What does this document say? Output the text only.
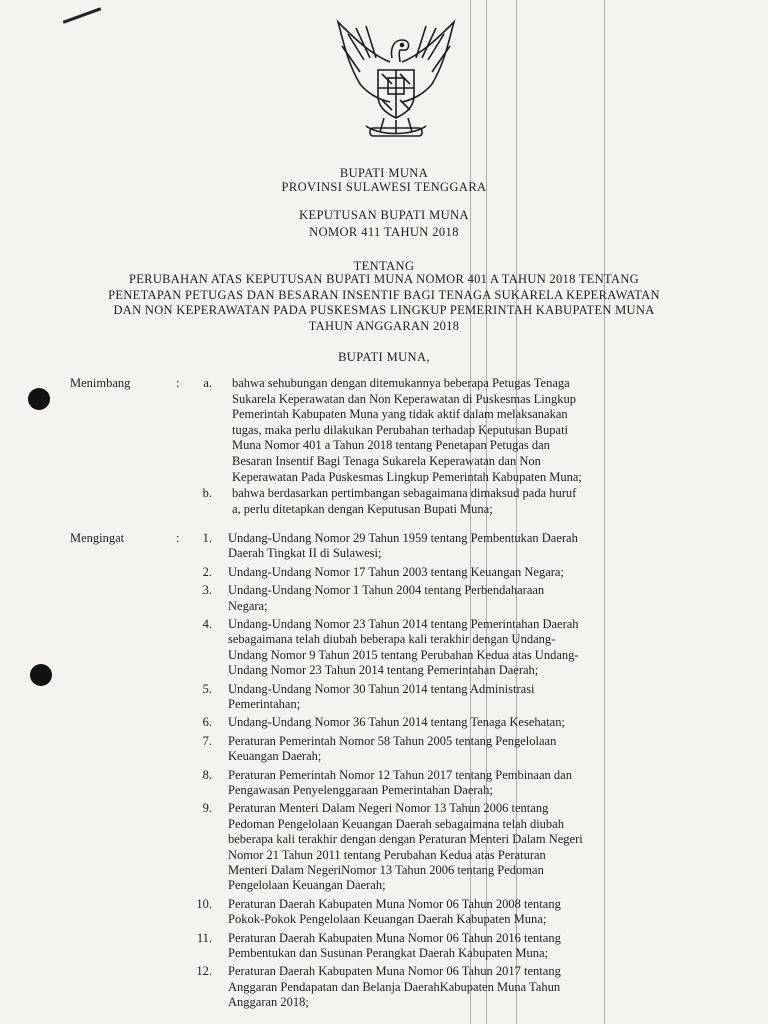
BUPATI MUNA
PROVINSI SULAWESI TENGGARA
KEPUTUSAN BUPATI MUNA
NOMOR 411 TAHUN 2018
TENTANG
PERUBAHAN ATAS KEPUTUSAN BUPATI MUNA NOMOR 401 A TAHUN 2018 TENTANG
PENETAPAN PETUGAS DAN BESARAN INSENTIF BAGI TENAGA SUKARELA KEPERAWATAN
DAN NON KEPERAWATAN PADA PUSKESMAS LINGKUP PEMERINTAH KABUPATEN MUNA
TAHUN ANGGARAN 2018
BUPATI MUNA,
Menimbang	:	a. bahwa sehubungan dengan ditemukannya beberapa Petugas Tenaga
Sukarela Keperawatan dan Non Keperawatan di Puskesmas Lingkup
Pemerintah Kabupaten Muna yang tidak aktif dalam melaksanakan
tugas, maka perlu dilakukan Perubahan terhadap Keputusan Bupati
Muna Nomor 401 a Tahun 2018 tentang Penetapan Petugas dan
Besaran Insentif Bagi Tenaga Sukarela Keperawatan dan Non
Keperawatan Pada Puskesmas Lingkup Pemerintah Kabupaten Muna;
b. bahwa berdasarkan pertimbangan sebagaimana dimaksud pada huruf
a, perlu ditetapkan dengan Keputusan Bupati Muna;
Mengingat	:	1. Undang-Undang Nomor 29 Tahun 1959 tentang Pembentukan Daerah
Daerah Tingkat II di Sulawesi;
2. Undang-Undang Nomor 17 Tahun 2003 tentang Keuangan Negara;
3. Undang-Undang Nomor 1 Tahun 2004 tentang Perbendaharaan
Negara;
4. Undang-Undang Nomor 23 Tahun 2014 tentang Pemerintahan Daerah
sebagaimana telah diubah beberapa kali terakhir dengan Undang-
Undang Nomor 9 Tahun 2015 tentang Perubahan Kedua atas Undang-
Undang Nomor 23 Tahun 2014 tentang Pemerintahan Daerah;
5. Undang-Undang Nomor 30 Tahun 2014 tentang Administrasi
Pemerintahan;
6. Undang-Undang Nomor 36 Tahun 2014 tentang Tenaga Kesehatan;
7. Peraturan Pemerintah Nomor 58 Tahun 2005 tentang Pengelolaan
Keuangan Daerah;
8. Peraturan Pemerintah Nomor 12 Tahun 2017 tentang Pembinaan dan
Pengawasan Penyelenggaraan Pemerintahan Daerah;
9. Peraturan Menteri Dalam Negeri Nomor 13 Tahun 2006 tentang
Pedoman Pengelolaan Keuangan Daerah sebagaimana telah diubah
beberapa kali terakhir dengan dengan Peraturan Menteri Dalam Negeri
Nomor 21 Tahun 2011 tentang Perubahan Kedua atas Peraturan
Menteri Dalam NegeriNomor 13 Tahun 2006 tentang Pedoman
Pengelolaan Keuangan Daerah;
10. Peraturan Daerah Kabupaten Muna Nomor 06 Tahun 2008 tentang
Pokok-Pokok Pengelolaan Keuangan Daerah Kabupaten Muna;
11. Peraturan Daerah Kabupaten Muna Nomor 06 Tahun 2016 tentang
Pembentukan dan Susunan Perangkat Daerah Kabupaten Muna;
12. Peraturan Daerah Kabupaten Muna Nomor 06 Tahun 2017 tentang
Anggaran Pendapatan dan Belanja DaerahKabupaten Muna Tahun
Anggaran 2018;
